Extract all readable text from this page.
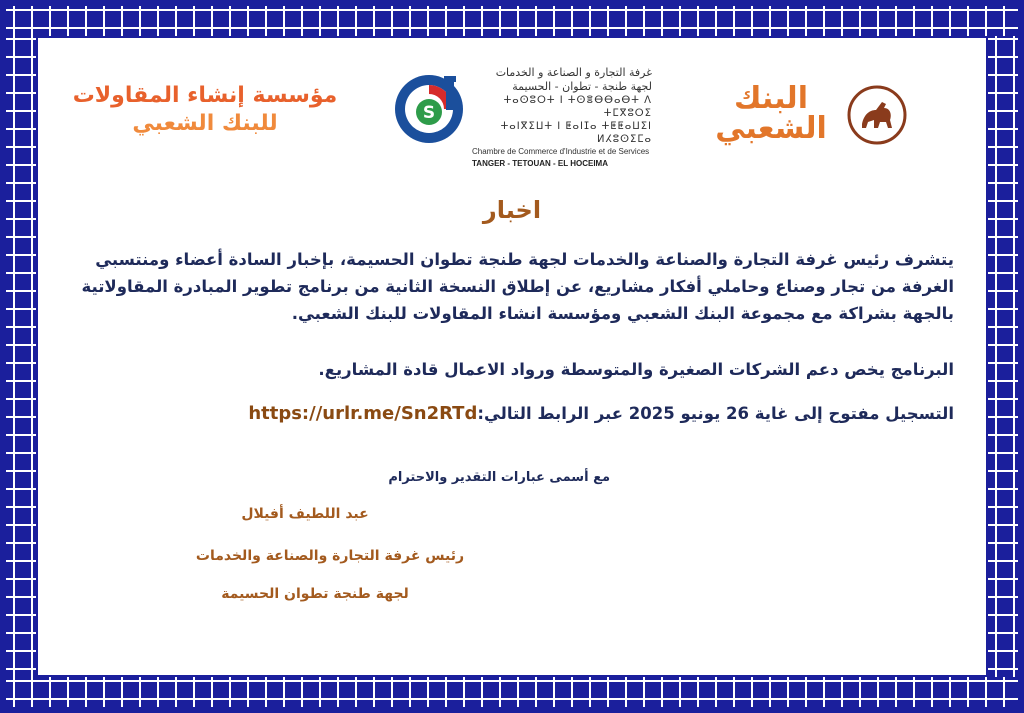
مؤسسة إنشاء المقاولات
للبنك الشعبي	S
غرفة التجارة و الصناعة و الخدمات
لجهة طنجة - تطوان - الحسيمة
ⵜⴰⵙⵓⵔⵜ ⵏ ⵜⵙⴻⴱⴱⴰⴱⵜ ⴷ ⵜⵎⴳⵓⵔⵉ
ⵜⴰⵏⴳⵉⵡⵜ ⵏ ⵟⴰⵏⵊⴰ ⵜⵟⵟⴰⵡⵉⵏ ⵍⵃⵓⵙⵉⵎⴰ
Chambre de Commerce d'Industrie et de Services
TANGER - TETOUAN - EL HOCEIMA
البنك
الشعبي
اخبار
يتشرف رئيس غرفة التجارة والصناعة والخدمات لجهة طنجة تطوان الحسيمة، بإخبار السادة أعضاء ومنتسبي الغرفة من تجار وصناع وحاملي أفكار مشاريع، عن إطلاق النسخة الثانية من برنامج تطوير المبادرة المقاولاتية بالجهة بشراكة مع مجموعة البنك الشعبي ومؤسسة انشاء المقاولات للبنك الشعبي.
البرنامج يخص دعم الشركات الصغيرة والمتوسطة ورواد الاعمال قادة المشاريع.
التسجيل مفتوح إلى غاية 26 يونيو 2025 عبر الرابط التالي:https://urlr.me/Sn2RTd
مع أسمى عبارات التقدير والاحترام
عبد اللطيف أفيلال
رئيس غرفة التجارة والصناعة والخدمات
لجهة طنجة تطوان الحسيمة
